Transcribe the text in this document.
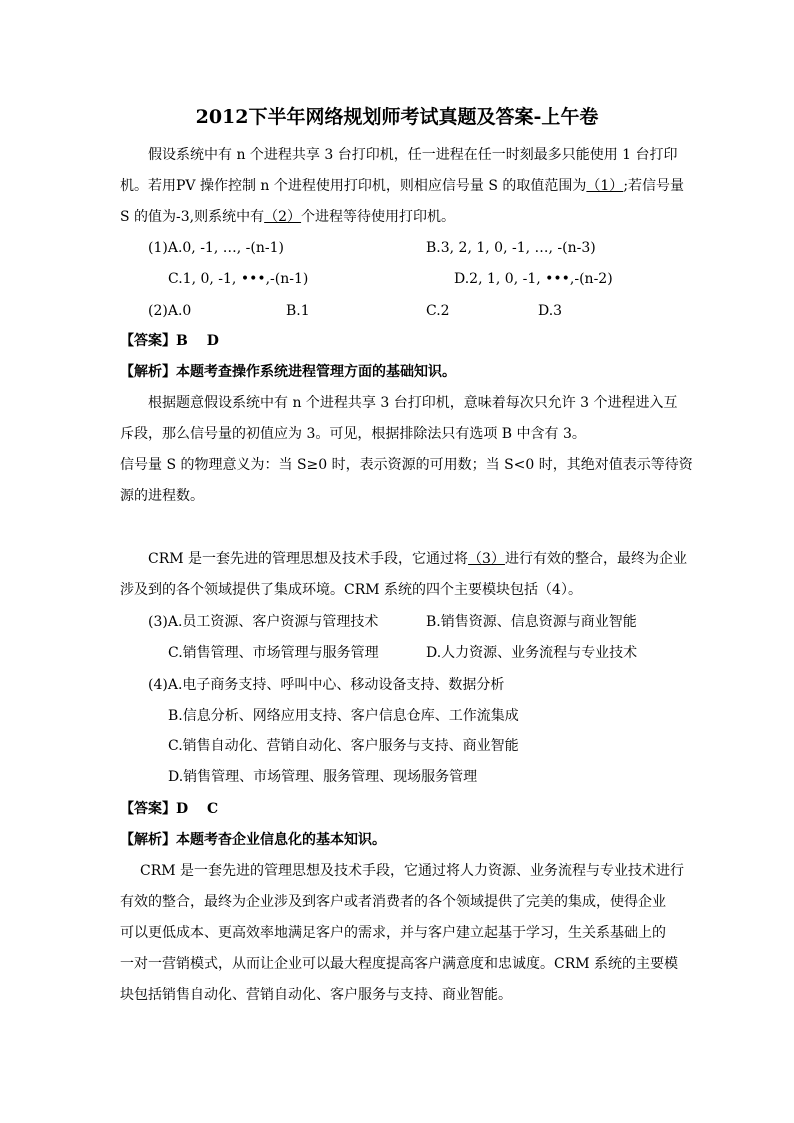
2012下半年网络规划师考试真题及答案-上午卷
假设系统中有 n 个进程共享 3 台打印机，任一进程在任一时刻最多只能使用 1 台打印
机。若用PV 操作控制 n 个进程使用打印机，则相应信号量 S 的取值范围为（1）;若信号量
S 的值为-3,则系统中有（2）个进程等待使用打印机。
(1)A.0, -1, …, -(n-1)	B.3, 2, 1, 0, -1, …, -(n-3)
C.1, 0, -1, •••,-(n-1)	D.2, 1, 0, -1, •••,-(n-2)
(2)A.0	B.1	C.2	D.3
【答案】B　 D
【解析】本题考查操作系统进程管理方面的基础知识。
根据题意假设系统中有 n 个进程共享 3 台打印机，意味着每次只允许 3 个进程进入互
斥段，那么信号量的初值应为 3。可见，根据排除法只有选项 B 中含有 3。
信号量 S 的物理意义为：当 S≥0 时，表示资源的可用数；当 S<0 时，其绝对值表示等待资
源的进程数。
CRM 是一套先进的管理思想及技术手段，它通过将（3）进行有效的整合，最终为企业
涉及到的各个领域提供了集成环境。CRM 系统的四个主要模块包括（4）。
(3)A.员工资源、客户资源与管理技术	B.销售资源、信息资源与商业智能
C.销售管理、市场管理与服务管理	D.人力资源、业务流程与专业技术
(4)A.电子商务支持、呼叫中心、移动设备支持、数据分析
B.信息分析、网络应用支持、客户信息仓库、工作流集成
C.销售自动化、营销自动化、客户服务与支持、商业智能
D.销售管理、市场管理、服务管理、现场服务管理
【答案】D　 C
【解析】本题考杳企业信息化的基本知识。
CRM 是一套先进的管理思想及技术手段，它通过将人力资源、业务流程与专业技术进行
有效的整合，最终为企业涉及到客户或者消费者的各个领域提供了完美的集成，使得企业
可以更低成本、更高效率地满足客户的需求，并与客户建立起基于学习，生关系基础上的
一对一营销模式，从而让企业可以最大程度提高客户满意度和忠诚度。CRM 系统的主要模
块包括销售自动化、营销自动化、客户服务与支持、商业智能。
